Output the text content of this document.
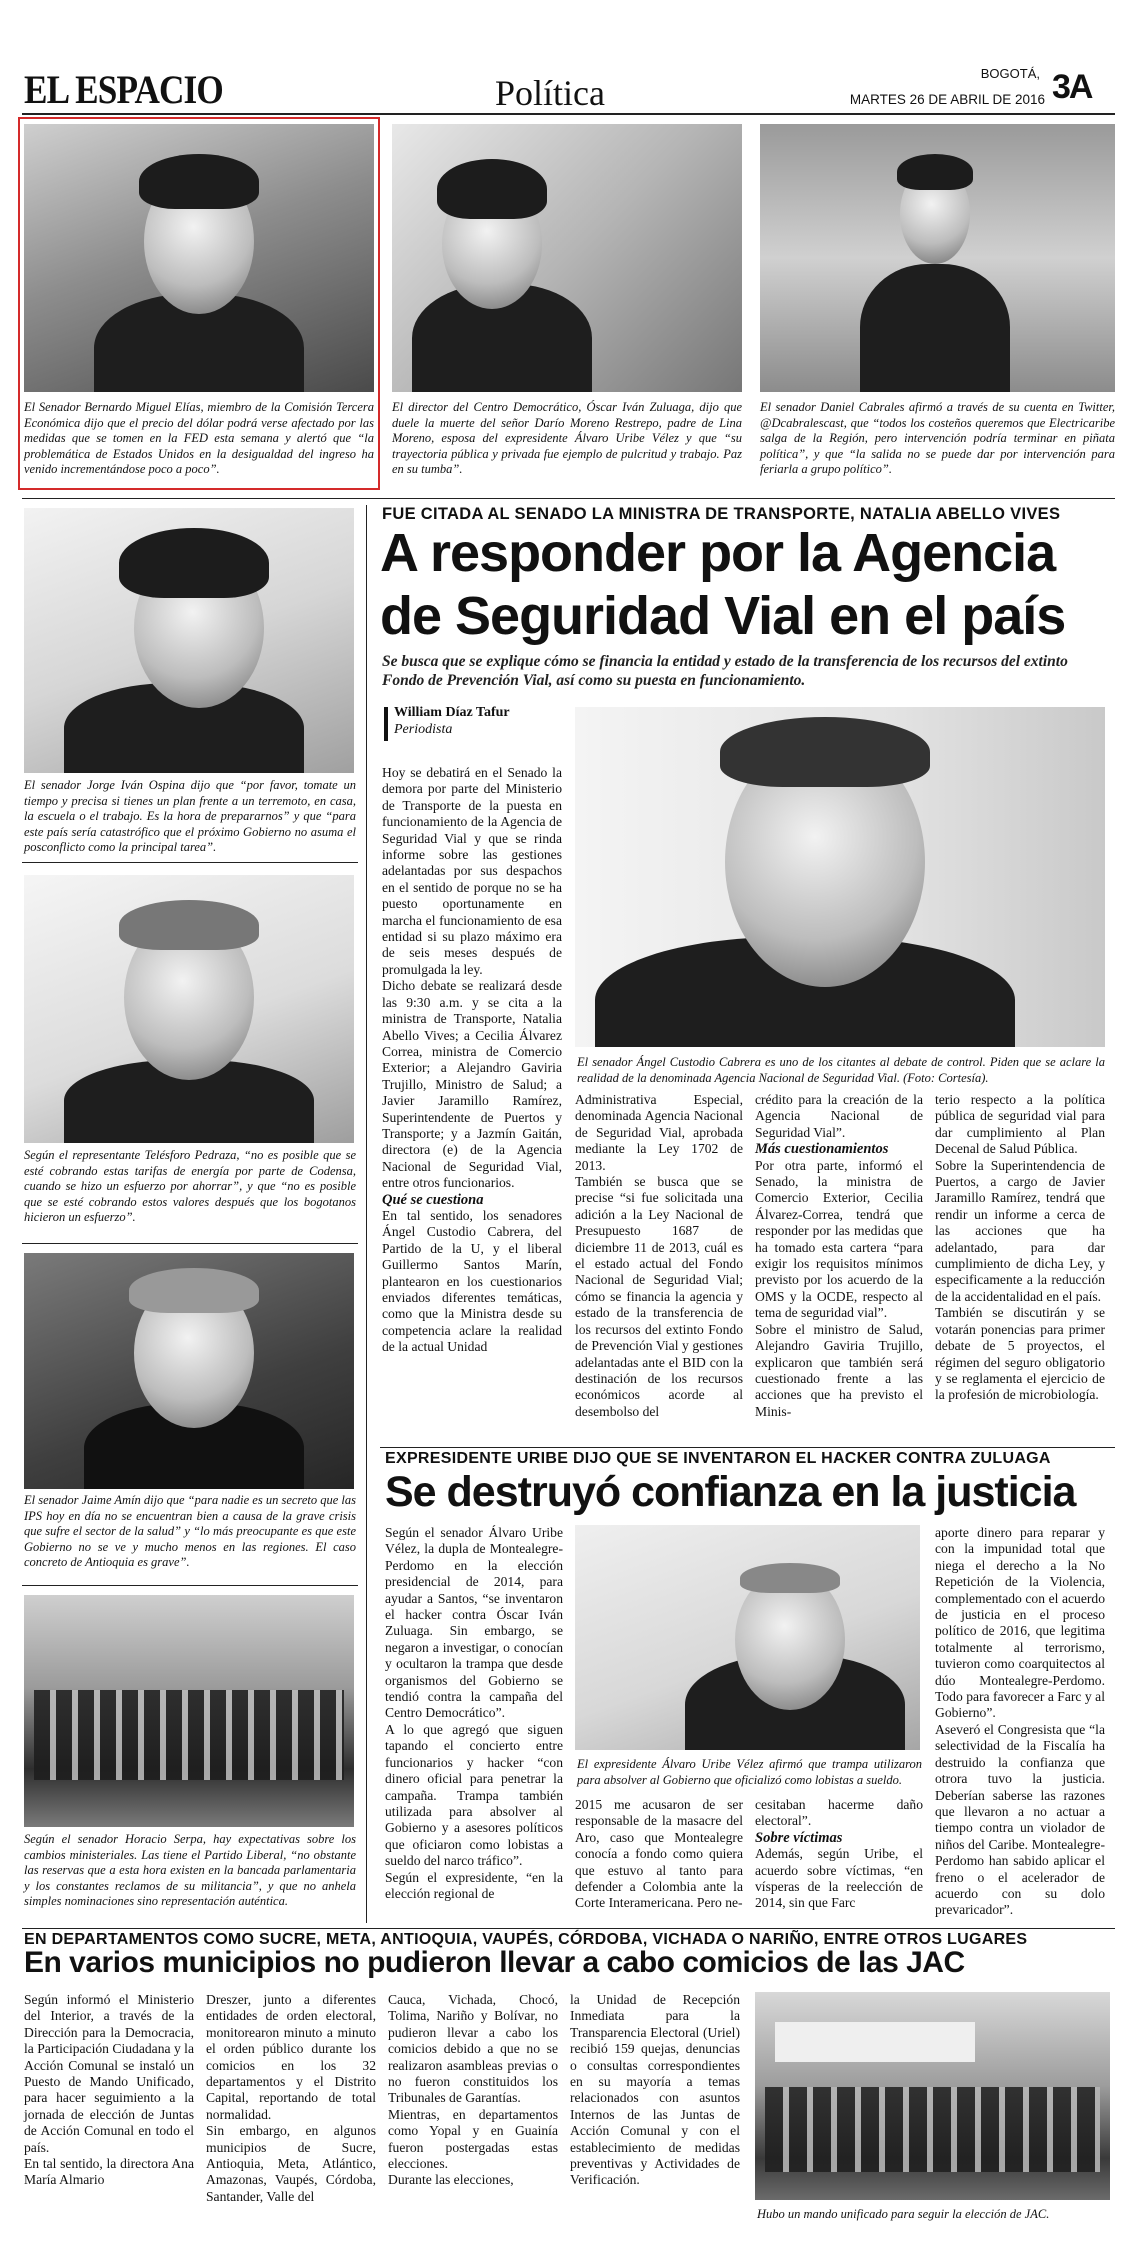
EL ESPACIO	Política	BOGOTÁ,
MARTES 26 DE ABRIL DE 2016 3A
El Senador Bernardo Miguel Elías, miembro de la Comisión Tercera Económica dijo que el precio del dólar podrá verse afectado por las medidas que se tomen en la FED esta semana y alertó que “la problemática de Estados Unidos en la desigualdad del ingreso ha venido incrementándose poco a poco”.
El director del Centro Democrático, Óscar Iván Zuluaga, dijo que duele la muerte del señor Darío Moreno Restrepo, padre de Lina Moreno, esposa del expresidente Álvaro Uribe Vélez y que “su trayectoria pública y privada fue ejemplo de pulcritud y trabajo. Paz en su tumba”.
El senador Daniel Cabrales afirmó a través de su cuenta en Twitter, @Dcabralescast, que “todos los costeños queremos que Electricaribe salga de la Región, pero intervención podría terminar en piñata política”, y que “la salida no se puede dar por intervención para feriarla a grupo político”.
El senador Jorge Iván Ospina dijo que “por favor, tomate un tiempo y precisa si tienes un plan frente a un terremoto, en casa, la escuela o el trabajo. Es la hora de prepararnos” y que “para este país sería catastrófico que el próximo Gobierno no asuma el posconflicto como la principal tarea”.
Según el representante Telésforo Pedraza, “no es posible que se esté cobrando estas tarifas de energía por parte de Codensa, cuando se hizo un esfuerzo por ahorrar”, y que “no es posible que se esté cobrando estos valores después que los bogotanos hicieron un esfuerzo”.
El senador Jaime Amín dijo que “para nadie es un secreto que las IPS hoy en día no se encuentran bien a causa de la grave crisis que sufre el sector de la salud” y “lo más preocupante es que este Gobierno no se ve y mucho menos en las regiones. El caso concreto de Antioquia es grave”.
Según el senador Horacio Serpa, hay expectativas sobre los cambios ministeriales. Las tiene el Partido Liberal, “no obstante las reservas que a esta hora existen en la bancada parlamentaria y los constantes reclamos de su militancia”, y que no anhela simples nominaciones sino representación auténtica.
FUE CITADA AL SENADO LA MINISTRA DE TRANSPORTE, NATALIA ABELLO VIVES
A responder por la Agencia
de Seguridad Vial en el país
Se busca que se explique cómo se financia la entidad y estado de la transferencia de los recursos del extinto Fondo de Prevención Vial, así como su puesta en funcionamiento.
William Díaz Tafur
Periodista

Hoy se debatirá en el Senado la demora por parte del Ministerio de Transporte de la puesta en funcionamiento de la Agencia de Seguridad Vial y que se rinda informe sobre las gestiones adelantadas por sus despachos en el sentido de porque no se ha puesto oportunamente en marcha el funcionamiento de esa entidad si su plazo máximo era de seis meses después de promulgada la ley.

Dicho debate se realizará desde las 9:30 a.m. y se cita a la ministra de Transporte, Natalia Abello Vives; a Cecilia Álvarez Correa, ministra de Comercio Exterior; a Alejandro Gaviria Trujillo, Ministro de Salud; a Javier Jaramillo Ramírez, Superintendente de Puertos y Transporte; y a Jazmín Gaitán, directora (e) de la Agencia Nacional de Seguridad Vial, entre otros funcionarios.

Qué se cuestiona

En tal sentido, los senadores Ángel Custodio Cabrera, del Partido de la U, y el liberal Guillermo Santos Marín, plantearon en los cuestionarios enviados diferentes temáticas, como que la Ministra desde su competencia aclare la realidad de la actual Unidad

El senador Ángel Custodio Cabrera es uno de los citantes al debate de control. Piden que se aclare la realidad de la denominada Agencia Nacional de Seguridad Vial. (Foto: Cortesía).

Administrativa Especial, denominada Agencia Nacional de Seguridad Vial, aprobada mediante la Ley 1702 de 2013.

También se busca que se precise “si fue solicitada una adición a la Ley Nacional de Presupuesto 1687 de diciembre 11 de 2013, cuál es el estado actual del Fondo Nacional de Seguridad Vial; cómo se financia la agencia y estado de la transferencia de los recursos del extinto Fondo de Prevención Vial y gestiones adelantadas ante el BID con la destinación de los recursos económicos acorde al desembolso del

crédito para la creación de la Agencia Nacional de Seguridad Vial”.

Más cuestionamientos

Por otra parte, informó el Senado, la ministra de Comercio Exterior, Cecilia Álvarez-Correa, tendrá que responder por las medidas que ha tomado esta cartera “para exigir los requisitos mínimos previsto por los acuerdo de la OMS y la OCDE, respecto al tema de seguridad vial”.

Sobre el ministro de Salud, Alejandro Gaviria Trujillo, explicaron que también será cuestionado frente a las acciones que ha previsto el Minis-

terio respecto a la política pública de seguridad vial para dar cumplimiento al Plan Decenal de Salud Pública.

Sobre la Superintendencia de Puertos, a cargo de Javier Jaramillo Ramírez, tendrá que rendir un informe a cerca de las acciones que ha adelantado, para dar cumplimiento de dicha Ley, y especificamente a la reducción de la accidentalidad en el país.

También se discutirán y se votarán ponencias para primer debate de 5 proyectos, el régimen del seguro obligatorio y se reglamenta el ejercicio de la profesión de microbiología.

EXPRESIDENTE URIBE DIJO QUE SE INVENTARON EL HACKER CONTRA ZULUAGA
Se destruyó confianza en la justicia

Según el senador Álvaro Uribe Vélez, la dupla de Montealegre-Perdomo en la elección presidencial de 2014, para ayudar a Santos, “se inventaron el hacker contra Óscar Iván Zuluaga. Sin embargo, se negaron a investigar, o conocían y ocultaron la trampa que desde organismos del Gobierno se tendió contra la campaña del Centro Democrático”.

A lo que agregó que siguen tapando el concierto entre funcionarios y hacker “con dinero oficial para penetrar la campaña. Trampa también utilizada para absolver al Gobierno y a asesores políticos que oficiaron como lobistas a sueldo del narco tráfico”.

Según el expresidente, “en la elección regional de

El expresidente Álvaro Uribe Vélez afirmó que trampa utilizaron para absolver al Gobierno que oficializó como lobistas a sueldo.

2015 me acusaron de ser responsable de la masacre del Aro, caso que Montealegre conocía a fondo como quiera que estuvo al tanto para defender a Colombia ante la Corte Interamericana. Pero ne-

cesitaban hacerme daño electoral”.

Sobre víctimas

Además, según Uribe, el acuerdo sobre víctimas, “en vísperas de la reelección de 2014, sin que Farc

aporte dinero para reparar y con la impunidad total que niega el derecho a la No Repetición de la Violencia, complementado con el acuerdo de justicia en el proceso político de 2016, que legitima totalmente al terrorismo, tuvieron como coarquitectos al dúo Montealegre-Perdomo. Todo para favorecer a Farc y al Gobierno”.

Aseveró el Congresista que “la selectividad de la Fiscalía ha destruido la confianza que otrora tuvo la justicia. Deberían saberse las razones que llevaron a no actuar a tiempo contra un violador de niños del Caribe. Montealegre-Perdomo han sabido aplicar el freno o el acelerador de acuerdo con su dolo prevaricador”.

EN DEPARTAMENTOS COMO SUCRE, META, ANTIOQUIA, VAUPÉS, CÓRDOBA, VICHADA O NARIÑO, ENTRE OTROS LUGARES
En varios municipios no pudieron llevar a cabo comicios de las JAC

Según informó el Ministerio del Interior, a través de la Dirección para la Democracia, la Participación Ciudadana y la Acción Comunal se instaló un Puesto de Mando Unificado, para hacer seguimiento a la jornada de elección de Juntas de Acción Comunal en todo el país.

En tal sentido, la directora Ana María Almario

Dreszer, junto a diferentes entidades de orden electoral, monitorearon minuto a minuto el orden público durante los comicios en los 32 departamentos y el Distrito Capital, reportando de total normalidad.

Sin embargo, en algunos municipios de Sucre, Antioquia, Meta, Atlántico, Amazonas, Vaupés, Córdoba, Santander, Valle del

Cauca, Vichada, Chocó, Tolima, Nariño y Bolívar, no pudieron llevar a cabo los comicios debido a que no se realizaron asambleas previas o no fueron constituidos los Tribunales de Garantías.

Mientras, en departamentos como Yopal y en Guainía fueron postergadas estas elecciones.

Durante las elecciones,

la Unidad de Recepción Inmediata para la Transparencia Electoral (Uriel) recibió 159 quejas, denuncias o consultas correspondientes en su mayoría a temas relacionados con asuntos Internos de las Juntas de Acción Comunal y con el establecimiento de medidas preventivas y Actividades de Verificación.

Hubo un mando unificado para seguir la elección de JAC.
